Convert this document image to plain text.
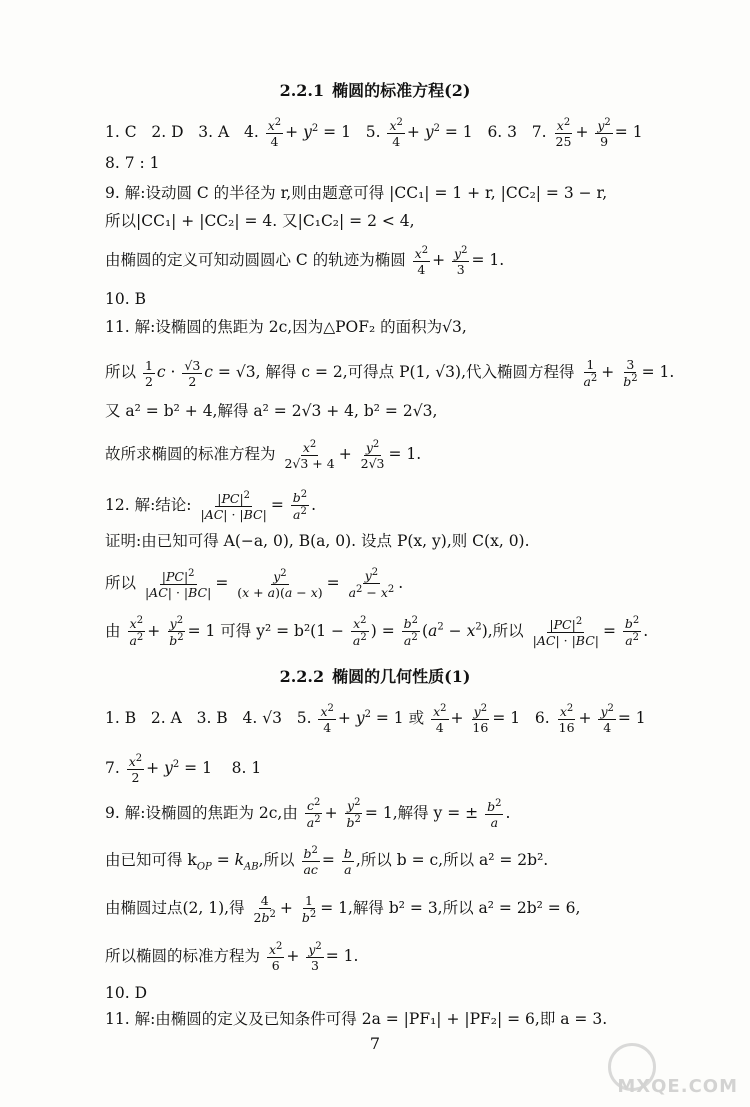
2.2.1 椭圆的标准方程(2)
1. C 2. D 3. A 4. $\frac{x^2}{4} + y^2 = 1$   5. $\frac{x^2}{4} + y^2 = 1$   6. 3 7. $\frac{x^2}{25} + \frac{y^2}{9} = 1$
8. 7 : 1
9. 解:设动圆 C 的半径为 r,则由题意可得 |CC₁| = 1 + r, |CC₂| = 3 − r,
所以|CC₁| + |CC₂| = 4. 又|C₁C₂| = 2 < 4,
由椭圆的定义可知动圆圆心 C 的轨迹为椭圆 $\frac{x^2}{4} + \frac{y^2}{3} = 1$.
10. B
11. 解:设椭圆的焦距为 2c,因为△POF₂ 的面积为√3,
所以 $\frac{1}{2}$ $c \cdot \frac{√3}{2}$ c = √3, 解得 c = 2,可得点 P(1, √3),代入椭圆方程得 $\frac{1}{a^2} + \frac{3}{b^2} = 1$.
又 a² = b² + 4,解得 a² = 2√3 + 4, b² = 2√3,
故所求椭圆的标准方程为 $\frac{x^2}{2√3 + 4} + \frac{y^2}{2√3} = 1$.
12. 解:结论: $\frac{|PC|^2}{|AC| \cdot |BC|} = \frac{b^2}{a^2}$ .
证明:由已知可得 A(−a, 0), B(a, 0). 设点 P(x, y),则 C(x, 0).
所以 $\frac{|PC|^2}{|AC| \cdot |BC|} = \frac{y^2}{(x + a)(a - x)} = \frac{y^2}{a^2 - x^2}$ .
由 $\frac{x^2}{a^2} + \frac{y^2}{b^2} = 1$ 可得 $y^2 = b^2(1 - \frac{x^2}{a^2}$ ) = $\frac{b^2}{a^2} (a^2 - x^2)$,所以 $\frac{|PC|^2}{|AC| \cdot |BC|} = \frac{b^2}{a^2}$ .
2.2.2 椭圆的几何性质(1)
1. B 2. A 3. B 4. √3 5. $\frac{x^2}{4} + y^2 = 1$ 或 $\frac{x^2}{4} + \frac{y^2}{16} = 1$   6. $\frac{x^2}{16} + \frac{y^2}{4} = 1$
7. $\frac{x^2}{2} + y^2 = 1$    8. 1
9. 解:设椭圆的焦距为 2c,由 $\frac{c^2}{a^2} + \frac{y^2}{b^2} = 1$,解得 y = ± $\frac{b^2}{a}$ .
由已知可得 $k_{OP} = k_{AB}$,所以 $\frac{b^2}{ac} = \frac{b}{a}$ ,所以 b = c,所以 a² = 2b².
由椭圆过点(2, 1),得 $\frac{4}{2b^2} + \frac{1}{b^2} = 1$,解得 b² = 3,所以 a² = 2b² = 6,
所以椭圆的标准方程为 $\frac{x^2}{6} + \frac{y^2}{3} = 1$.
10. D
11. 解:由椭圆的定义及已知条件可得 2a = |PF₁| + |PF₂| = 6,即 a = 3.
7
MXQE.COM
